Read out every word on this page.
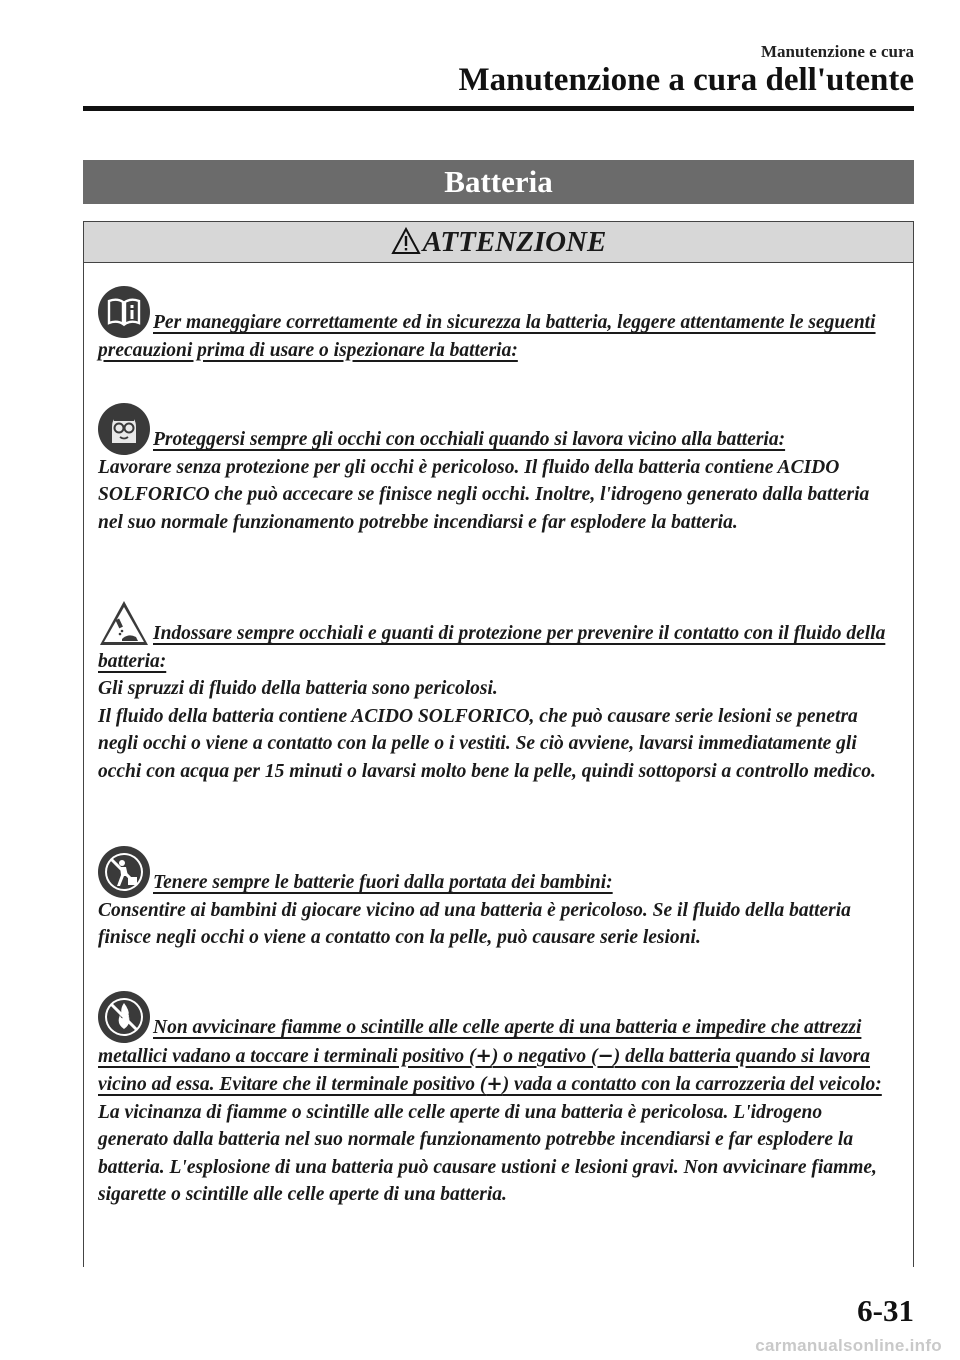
Manutenzione e cura
Manutenzione a cura dell'utente
Batteria
ATTENZIONE
Per maneggiare correttamente ed in sicurezza la batteria, leggere attentamente le seguenti precauzioni prima di usare o ispezionare la batteria:
Proteggersi sempre gli occhi con occhiali quando si lavora vicino alla batteria:
Lavorare senza protezione per gli occhi è pericoloso. Il fluido della batteria contiene ACIDO SOLFORICO che può accecare se finisce negli occhi. Inoltre, l'idrogeno generato dalla batteria nel suo normale funzionamento potrebbe incendiarsi e far esplodere la batteria.
Indossare sempre occhiali e guanti di protezione per prevenire il contatto con il fluido della batteria:
Gli spruzzi di fluido della batteria sono pericolosi.
Il fluido della batteria contiene ACIDO SOLFORICO, che può causare serie lesioni se penetra negli occhi o viene a contatto con la pelle o i vestiti. Se ciò avviene, lavarsi immediatamente gli occhi con acqua per 15 minuti o lavarsi molto bene la pelle, quindi sottoporsi a controllo medico.
Tenere sempre le batterie fuori dalla portata dei bambini:
Consentire ai bambini di giocare vicino ad una batteria è pericoloso. Se il fluido della batteria finisce negli occhi o viene a contatto con la pelle, può causare serie lesioni.
Non avvicinare fiamme o scintille alle celle aperte di una batteria e impedire che attrezzi metallici vadano a toccare i terminali positivo (+) o negativo (−) della batteria quando si lavora vicino ad essa. Evitare che il terminale positivo (+) vada a contatto con la carrozzeria del veicolo:
La vicinanza di fiamme o scintille alle celle aperte di una batteria è pericolosa. L'idrogeno generato dalla batteria nel suo normale funzionamento potrebbe incendiarsi e far esplodere la batteria. L'esplosione di una batteria può causare ustioni e lesioni gravi. Non avvicinare fiamme, sigarette o scintille alle celle aperte di una batteria.
6-31
carmanualsonline.info
